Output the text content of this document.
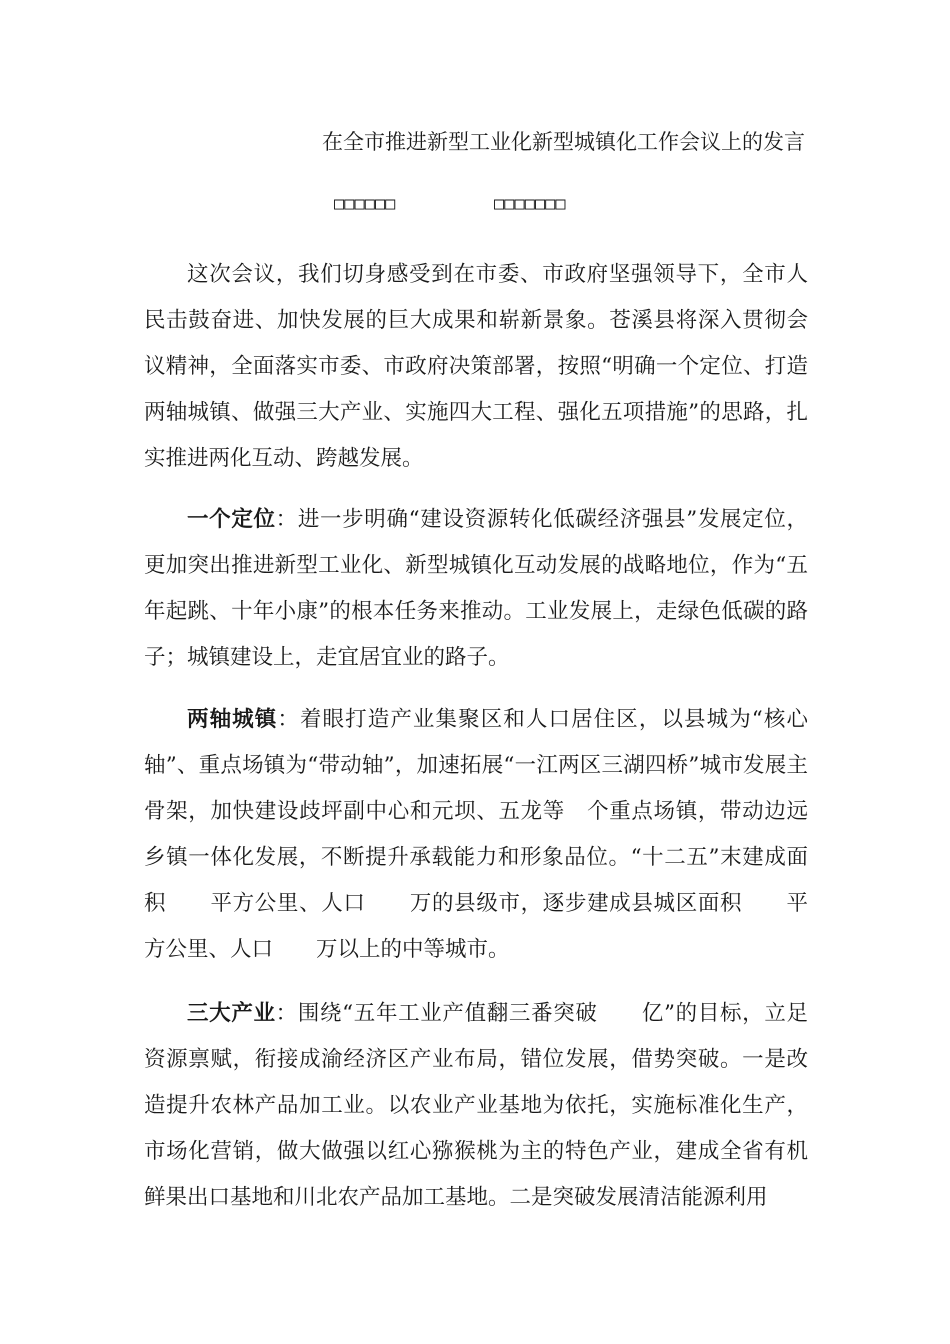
在全市推进新型工业化新型城镇化工作会议上的发言
□□□□□□	□□□□□□□

这次会议，我们切身感受到在市委、市政府坚强领导下，全市人民击鼓奋进、加快发展的巨大成果和崭新景象。苍溪县将深入贯彻会议精神，全面落实市委、市政府决策部署，按照“明确一个定位、打造两轴城镇、做强三大产业、实施四大工程、强化五项措施”的思路，扎实推进两化互动、跨越发展。

一个定位：进一步明确“建设资源转化低碳经济强县”发展定位，更加突出推进新型工业化、新型城镇化互动发展的战略地位，作为“五年起跳、十年小康”的根本任务来推动。工业发展上，走绿色低碳的路子；城镇建设上，走宜居宜业的路子。

两轴城镇：着眼打造产业集聚区和人口居住区，以县城为“核心轴”、重点场镇为“带动轴”，加速拓展“一江两区三湖四桥”城市发展主骨架，加快建设歧坪副中心和元坝、五龙等　个重点场镇，带动边远乡镇一体化发展，不断提升承载能力和形象品位。“十二五”末建成面积　　平方公里、人口　　万的县级市，逐步建成县城区面积　　平方公里、人口　　万以上的中等城市。

三大产业：围绕“五年工业产值翻三番突破　　亿”的目标，立足资源禀赋，衔接成渝经济区产业布局，错位发展，借势突破。一是改造提升农林产品加工业。以农业产业基地为依托，实施标准化生产，市场化营销，做大做强以红心猕猴桃为主的特色产业，建成全省有机鲜果出口基地和川北农产品加工基地。二是突破发展清洁能源利用
